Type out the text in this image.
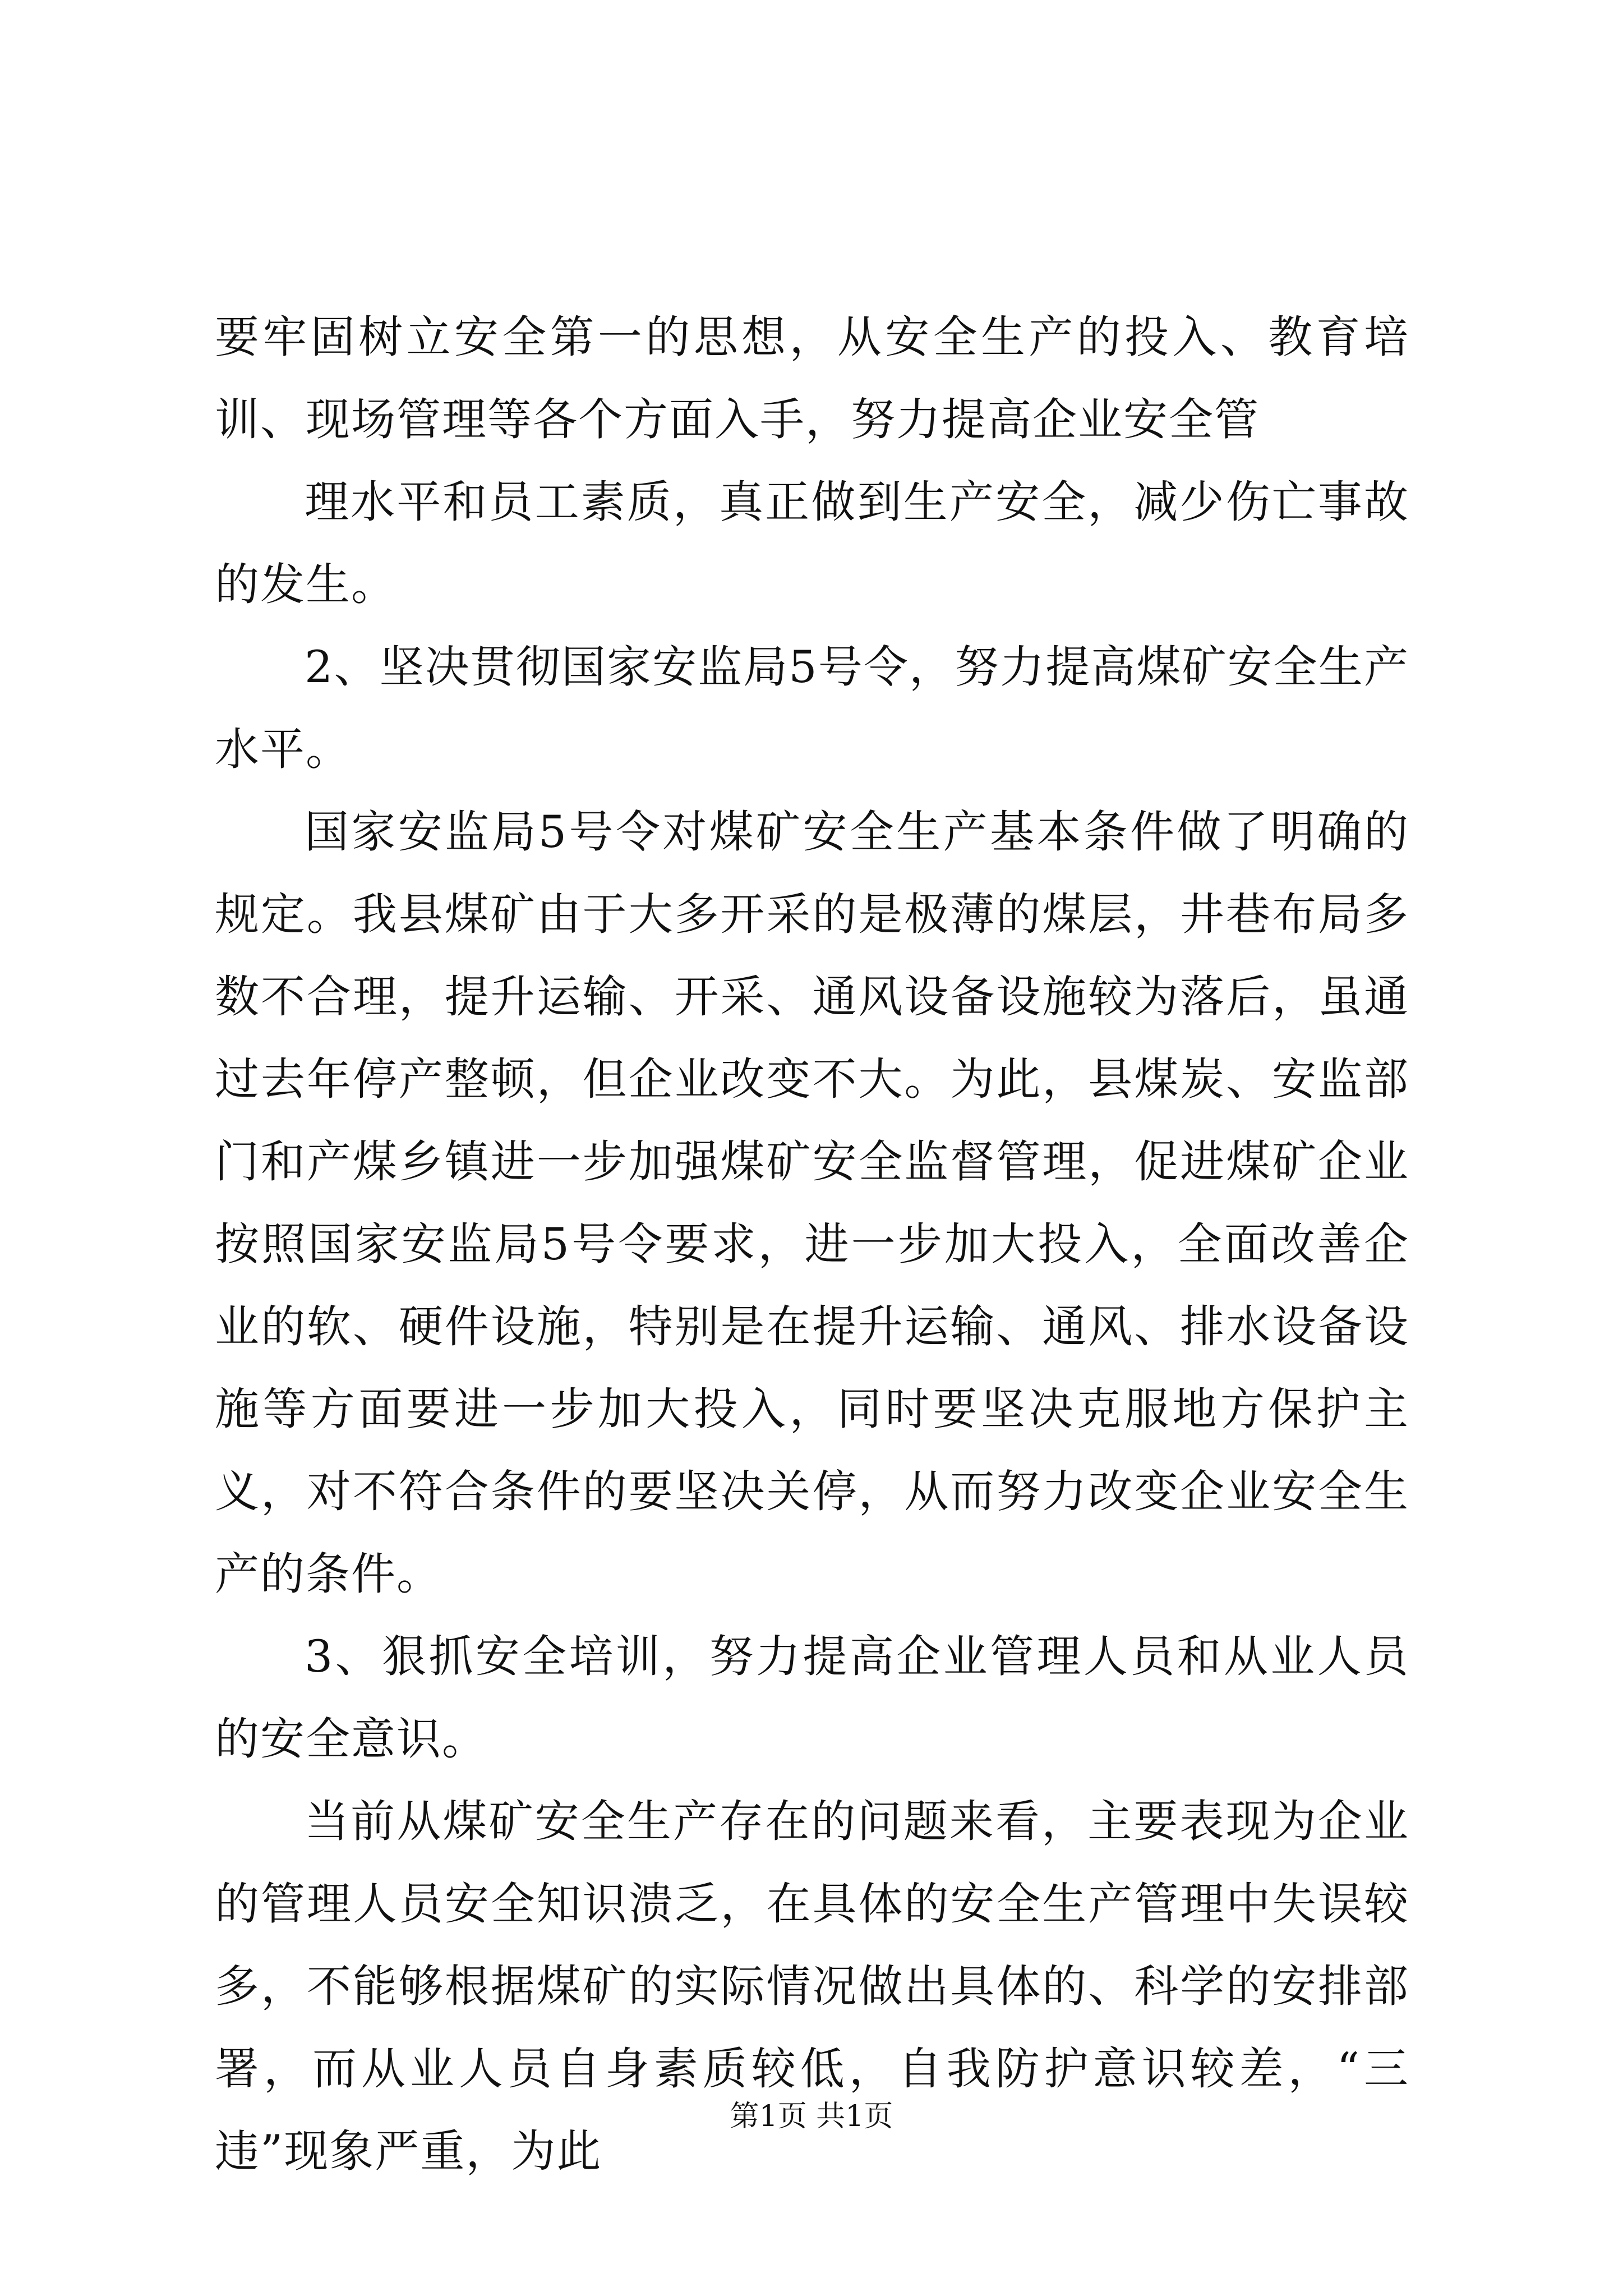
要牢固树立安全第一的思想，从安全生产的投入、教育培训、现场管理等各个方面入手，努力提高企业安全管

理水平和员工素质，真正做到生产安全，减少伤亡事故的发生。

2、坚决贯彻国家安监局5号令，努力提高煤矿安全生产水平。

国家安监局5号令对煤矿安全生产基本条件做了明确的规定。我县煤矿由于大多开采的是极薄的煤层，井巷布局多数不合理，提升运输、开采、通风设备设施较为落后，虽通过去年停产整顿，但企业改变不大。为此，县煤炭、安监部门和产煤乡镇进一步加强煤矿安全监督管理，促进煤矿企业按照国家安监局5号令要求，进一步加大投入，全面改善企业的软、硬件设施，特别是在提升运输、通风、排水设备设施等方面要进一步加大投入，同时要坚决克服地方保护主义，对不符合条件的要坚决关停，从而努力改变企业安全生产的条件。

3、狠抓安全培训，努力提高企业管理人员和从业人员的安全意识。

当前从煤矿安全生产存在的问题来看，主要表现为企业的管理人员安全知识溃乏，在具体的安全生产管理中失误较多，不能够根据煤矿的实际情况做出具体的、科学的安排部署，而从业人员自身素质较低，自我防护意识较差，“三违”现象严重，为此

第1页 共1页
